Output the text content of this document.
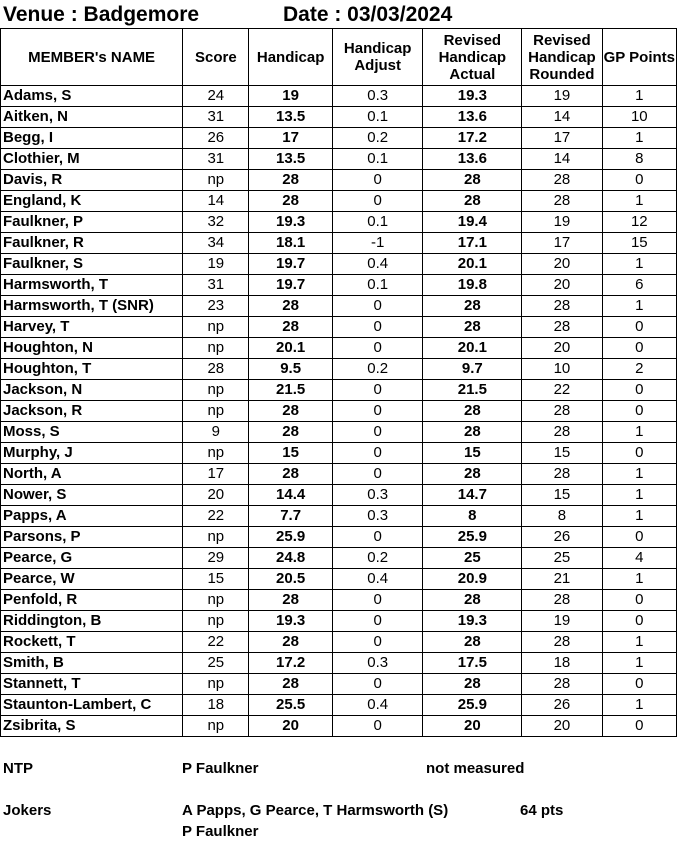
Venue : Badgemore	Date : 03/03/2024
MEMBER's NAME	Score	Handicap	Handicap Adjust	Revised Handicap Actual	Revised Handicap Rounded	GP Points
Adams, S	24	19	0.3	19.3	19	1
Aitken, N	31	13.5	0.1	13.6	14	10
Begg, I	26	17	0.2	17.2	17	1
Clothier, M	31	13.5	0.1	13.6	14	8
Davis, R	np	28	0	28	28	0
England, K	14	28	0	28	28	1
Faulkner, P	32	19.3	0.1	19.4	19	12
Faulkner, R	34	18.1	-1	17.1	17	15
Faulkner, S	19	19.7	0.4	20.1	20	1
Harmsworth, T	31	19.7	0.1	19.8	20	6
Harmsworth, T (SNR)	23	28	0	28	28	1
Harvey, T	np	28	0	28	28	0
Houghton, N	np	20.1	0	20.1	20	0
Houghton, T	28	9.5	0.2	9.7	10	2
Jackson, N	np	21.5	0	21.5	22	0
Jackson, R	np	28	0	28	28	0
Moss, S	9	28	0	28	28	1
Murphy, J	np	15	0	15	15	0
North, A	17	28	0	28	28	1
Nower, S	20	14.4	0.3	14.7	15	1
Papps, A	22	7.7	0.3	8	8	1
Parsons, P	np	25.9	0	25.9	26	0
Pearce, G	29	24.8	0.2	25	25	4
Pearce, W	15	20.5	0.4	20.9	21	1
Penfold, R	np	28	0	28	28	0
Riddington, B	np	19.3	0	19.3	19	0
Rockett, T	22	28	0	28	28	1
Smith, B	25	17.2	0.3	17.5	18	1
Stannett, T	np	28	0	28	28	0
Staunton-Lambert, C	18	25.5	0.4	25.9	26	1
Zsibrita, S	np	20	0	20	20	0
NTP	P Faulkner	not measured
Jokers	A Papps, G Pearce, T Harmsworth (S)	64 pts
P Faulkner
